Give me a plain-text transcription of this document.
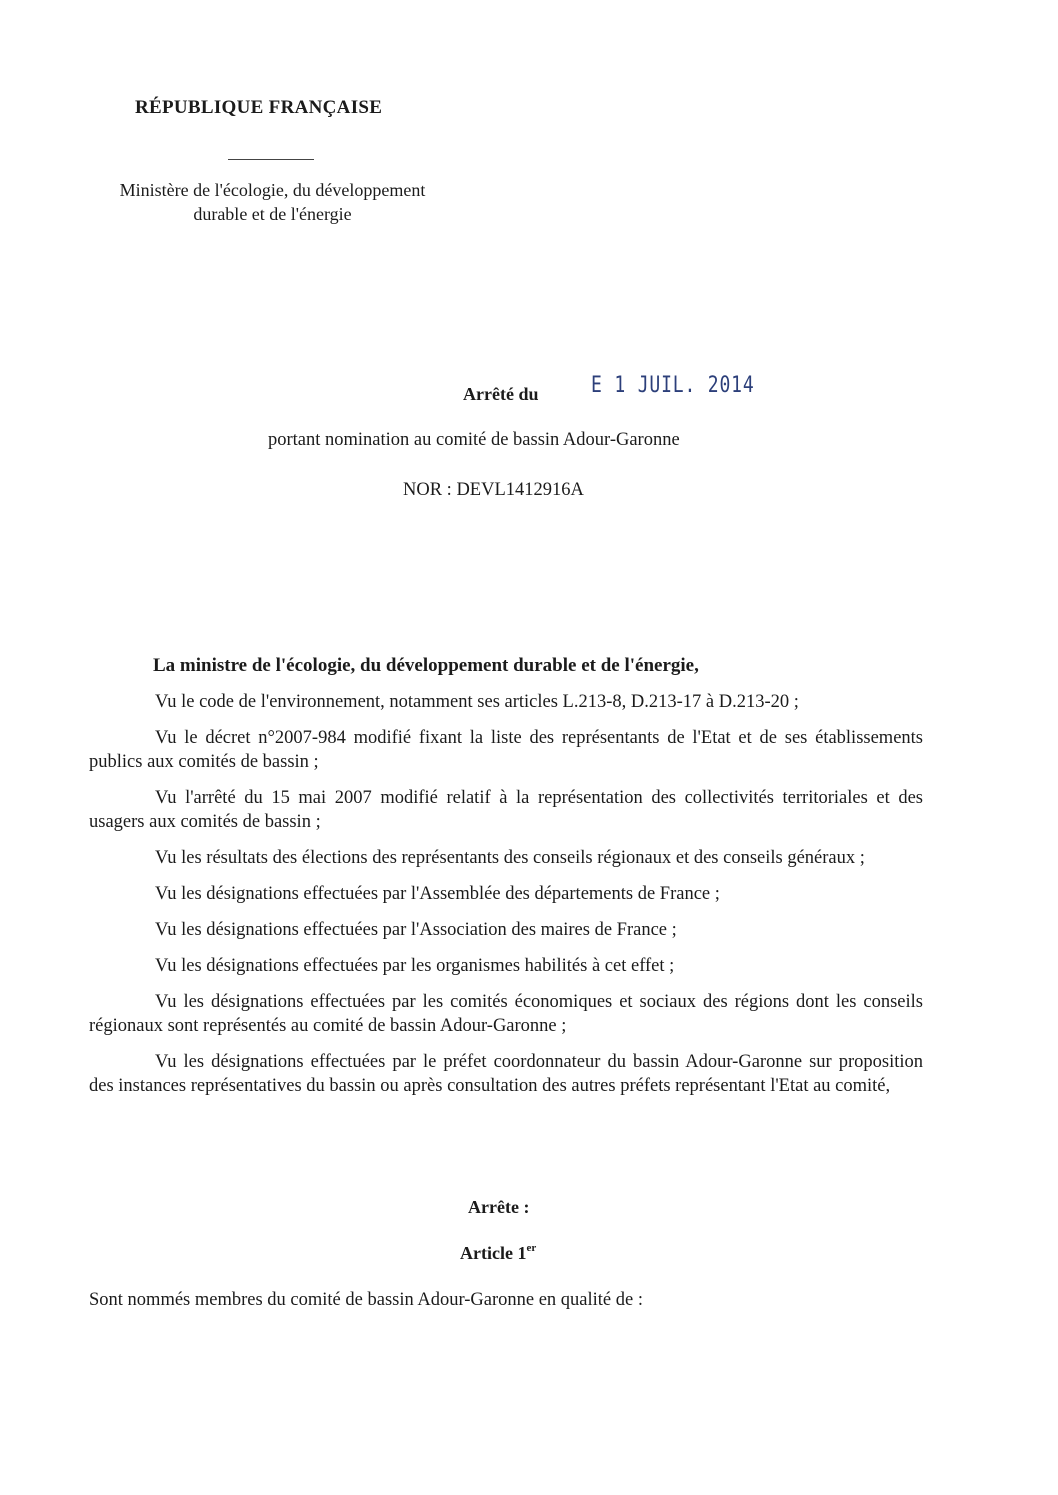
RÉPUBLIQUE FRANÇAISE
Ministère de l'écologie, du développement durable et de l'énergie
Arrêté du E 1 JUIL. 2014
portant nomination au comité de bassin Adour-Garonne
NOR : DEVL1412916A

La ministre de l'écologie, du développement durable et de l'énergie,

Vu le code de l'environnement, notamment ses articles L.213-8, D.213-17 à D.213-20 ;

Vu le décret n°2007-984 modifié fixant la liste des représentants de l'Etat et de ses établissements publics aux comités de bassin ;

Vu l'arrêté du 15 mai 2007 modifié relatif à la représentation des collectivités territoriales et des usagers aux comités de bassin ;

Vu les résultats des élections des représentants des conseils régionaux et des conseils généraux ;

Vu les désignations effectuées par l'Assemblée des départements de France ;

Vu les désignations effectuées par l'Association des maires de France ;

Vu les désignations effectuées par les organismes habilités à cet effet ;

Vu les désignations effectuées par les comités économiques et sociaux des régions dont les conseils régionaux sont représentés au comité de bassin Adour-Garonne ;

Vu les désignations effectuées par le préfet coordonnateur du bassin Adour-Garonne sur proposition des instances représentatives du bassin ou après consultation des autres préfets représentant l'Etat au comité,

Arrête :
Article 1er
Sont nommés membres du comité de bassin Adour-Garonne en qualité de :
